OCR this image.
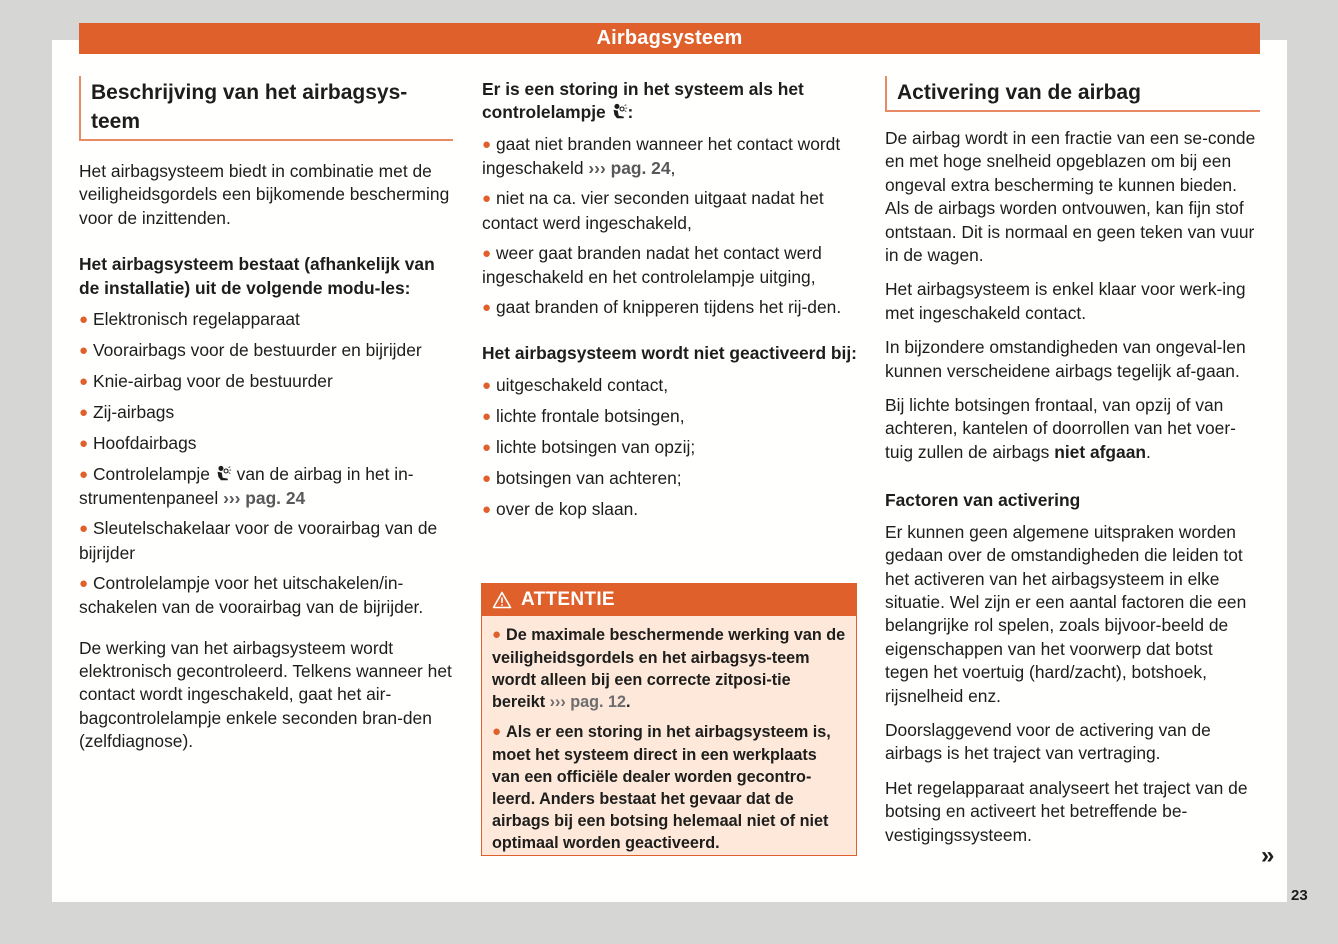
Airbagsysteem
Beschrijving van het airbagsys-
teem

Het airbagsysteem biedt in combinatie met de veiligheidsgordels een bijkomende bescherming voor de inzittenden.

Het airbagsysteem bestaat (afhankelijk van de installatie) uit de volgende modu-les:

● Elektronisch regelapparaat
● Voorairbags voor de bestuurder en bijrijder
● Knie-airbag voor de bestuurder
● Zij-airbags
● Hoofdairbags
● Controlelampje van de airbag in het in-strumentenpaneel ››› pag. 24
● Sleutelschakelaar voor de voorairbag van de bijrijder
● Controlelampje voor het uitschakelen/in-schakelen van de voorairbag van de bijrijder.

De werking van het airbagsysteem wordt elektronisch gecontroleerd. Telkens wanneer het contact wordt ingeschakeld, gaat het air-bagcontrolelampje enkele seconden bran-den (zelfdiagnose).

Er is een storing in het systeem als het controlelampje :

● gaat niet branden wanneer het contact wordt ingeschakeld ››› pag. 24,
● niet na ca. vier seconden uitgaat nadat het contact werd ingeschakeld,
● weer gaat branden nadat het contact werd ingeschakeld en het controlelampje uitging,
● gaat branden of knipperen tijdens het rij-den.

Het airbagsysteem wordt niet geactiveerd bij:

● uitgeschakeld contact,
● lichte frontale botsingen,
● lichte botsingen van opzij;
● botsingen van achteren;
● over de kop slaan.
ATTENTIE

● De maximale beschermende werking van de veiligheidsgordels en het airbagsys-teem wordt alleen bij een correcte zitposi-tie bereikt ››› pag. 12.

● Als er een storing in het airbagsysteem is, moet het systeem direct in een werkplaats van een officiële dealer worden gecontro-leerd. Anders bestaat het gevaar dat de airbags bij een botsing helemaal niet of niet optimaal worden geactiveerd.

Activering van de airbag

De airbag wordt in een fractie van een se-conde en met hoge snelheid opgeblazen om bij een ongeval extra bescherming te kunnen bieden. Als de airbags worden ontvouwen, kan fijn stof ontstaan. Dit is normaal en geen teken van vuur in de wagen.

Het airbagsysteem is enkel klaar voor werk-ing met ingeschakeld contact.

In bijzondere omstandigheden van ongeval-len kunnen verscheidene airbags tegelijk af-gaan.

Bij lichte botsingen frontaal, van opzij of van achteren, kantelen of doorrollen van het voer-tuig zullen de airbags niet afgaan.

Factoren van activering

Er kunnen geen algemene uitspraken worden gedaan over de omstandigheden die leiden tot het activeren van het airbagsysteem in elke situatie. Wel zijn er een aantal factoren die een belangrijke rol spelen, zoals bijvoor-beeld de eigenschappen van het voorwerp dat botst tegen het voertuig (hard/zacht), botshoek, rijsnelheid enz.

Doorslaggevend voor de activering van de airbags is het traject van vertraging.

Het regelapparaat analyseert het traject van de botsing en activeert het betreffende be-vestigingssysteem.

»
23
